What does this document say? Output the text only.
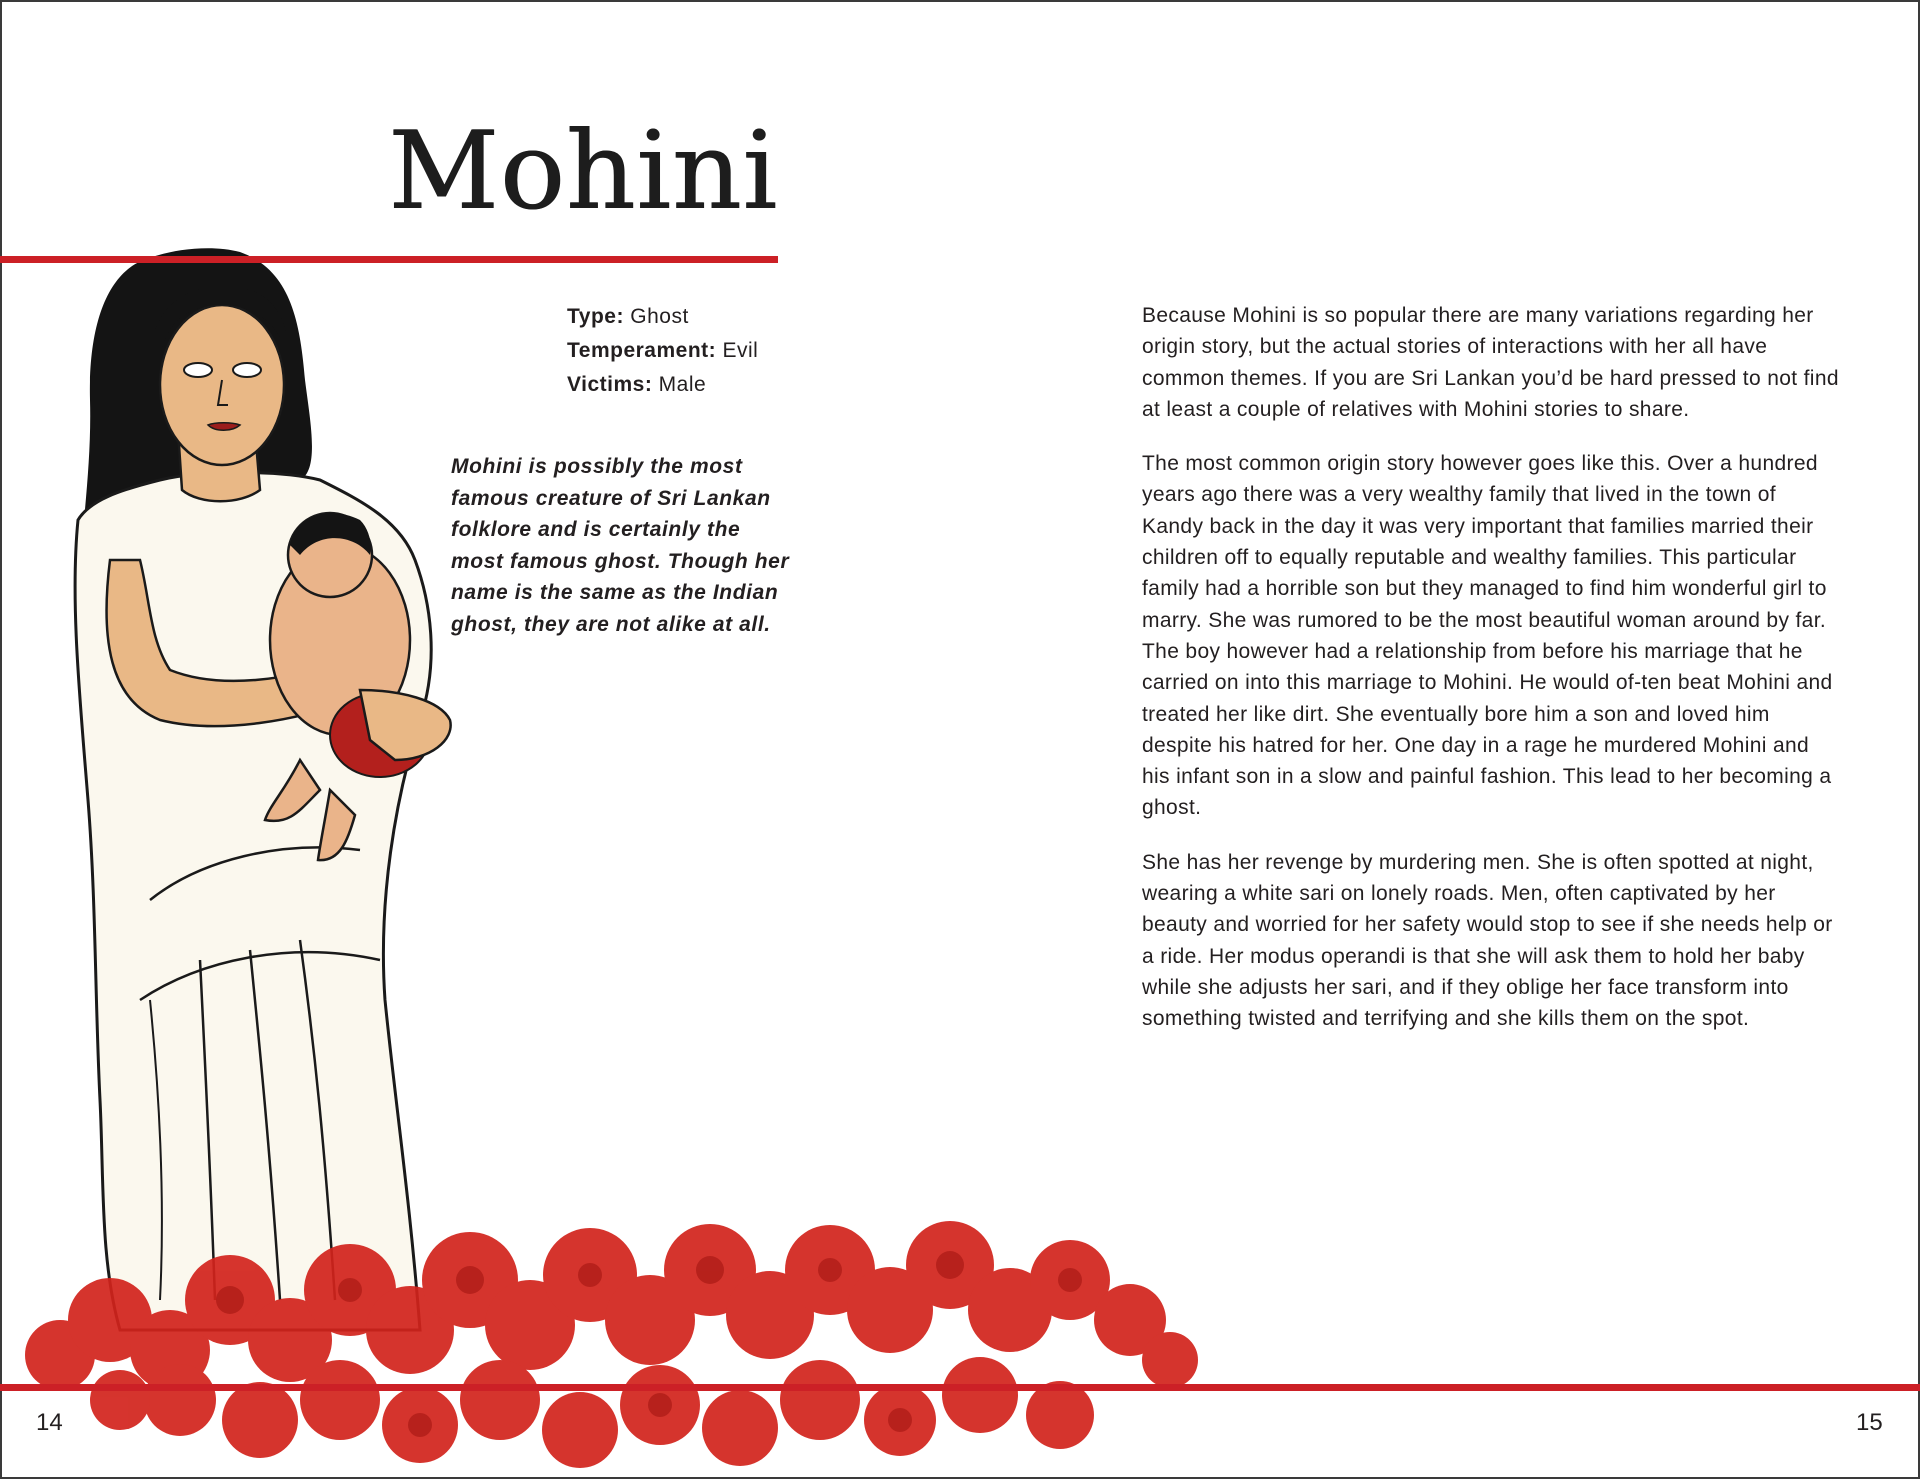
Mohini
Type: Ghost
Temperament: Evil
Victims: Male

Mohini is possibly the most famous creature of Sri Lankan folklore and is certainly the most famous ghost. Though her name is the same as the Indian ghost, they are not alike at all.

Because Mohini is so popular there are many variations regarding her origin story, but the actual stories of interactions with her all have common themes. If you are Sri Lankan you’d be hard pressed to not find at least a couple of relatives with Mohini stories to share.

The most common origin story however goes like this. Over a hundred years ago there was a very wealthy family that lived in the town of Kandy back in the day it was very important that families married their children off to equally reputable and wealthy families. This particular family had a horrible son but they managed to find him wonderful girl to marry. She was rumored to be the most beautiful woman around by far. The boy however had a relationship from before his marriage that he carried on into this marriage to Mohini. He would of-ten beat Mohini and treated her like dirt. She eventually bore him a son and loved him despite his hatred for her. One day in a rage he murdered Mohini and his infant son in a slow and painful fashion. This lead to her becoming a ghost.

She has her revenge by murdering men. She is often spotted at night, wearing a white sari on lonely roads. Men, often captivated by her beauty and worried for her safety would stop to see if she needs help or a ride. Her modus operandi is that she will ask them to hold her baby while she adjusts her sari, and if they oblige her face transform into something twisted and terrifying and she kills them on the spot.

14	15
